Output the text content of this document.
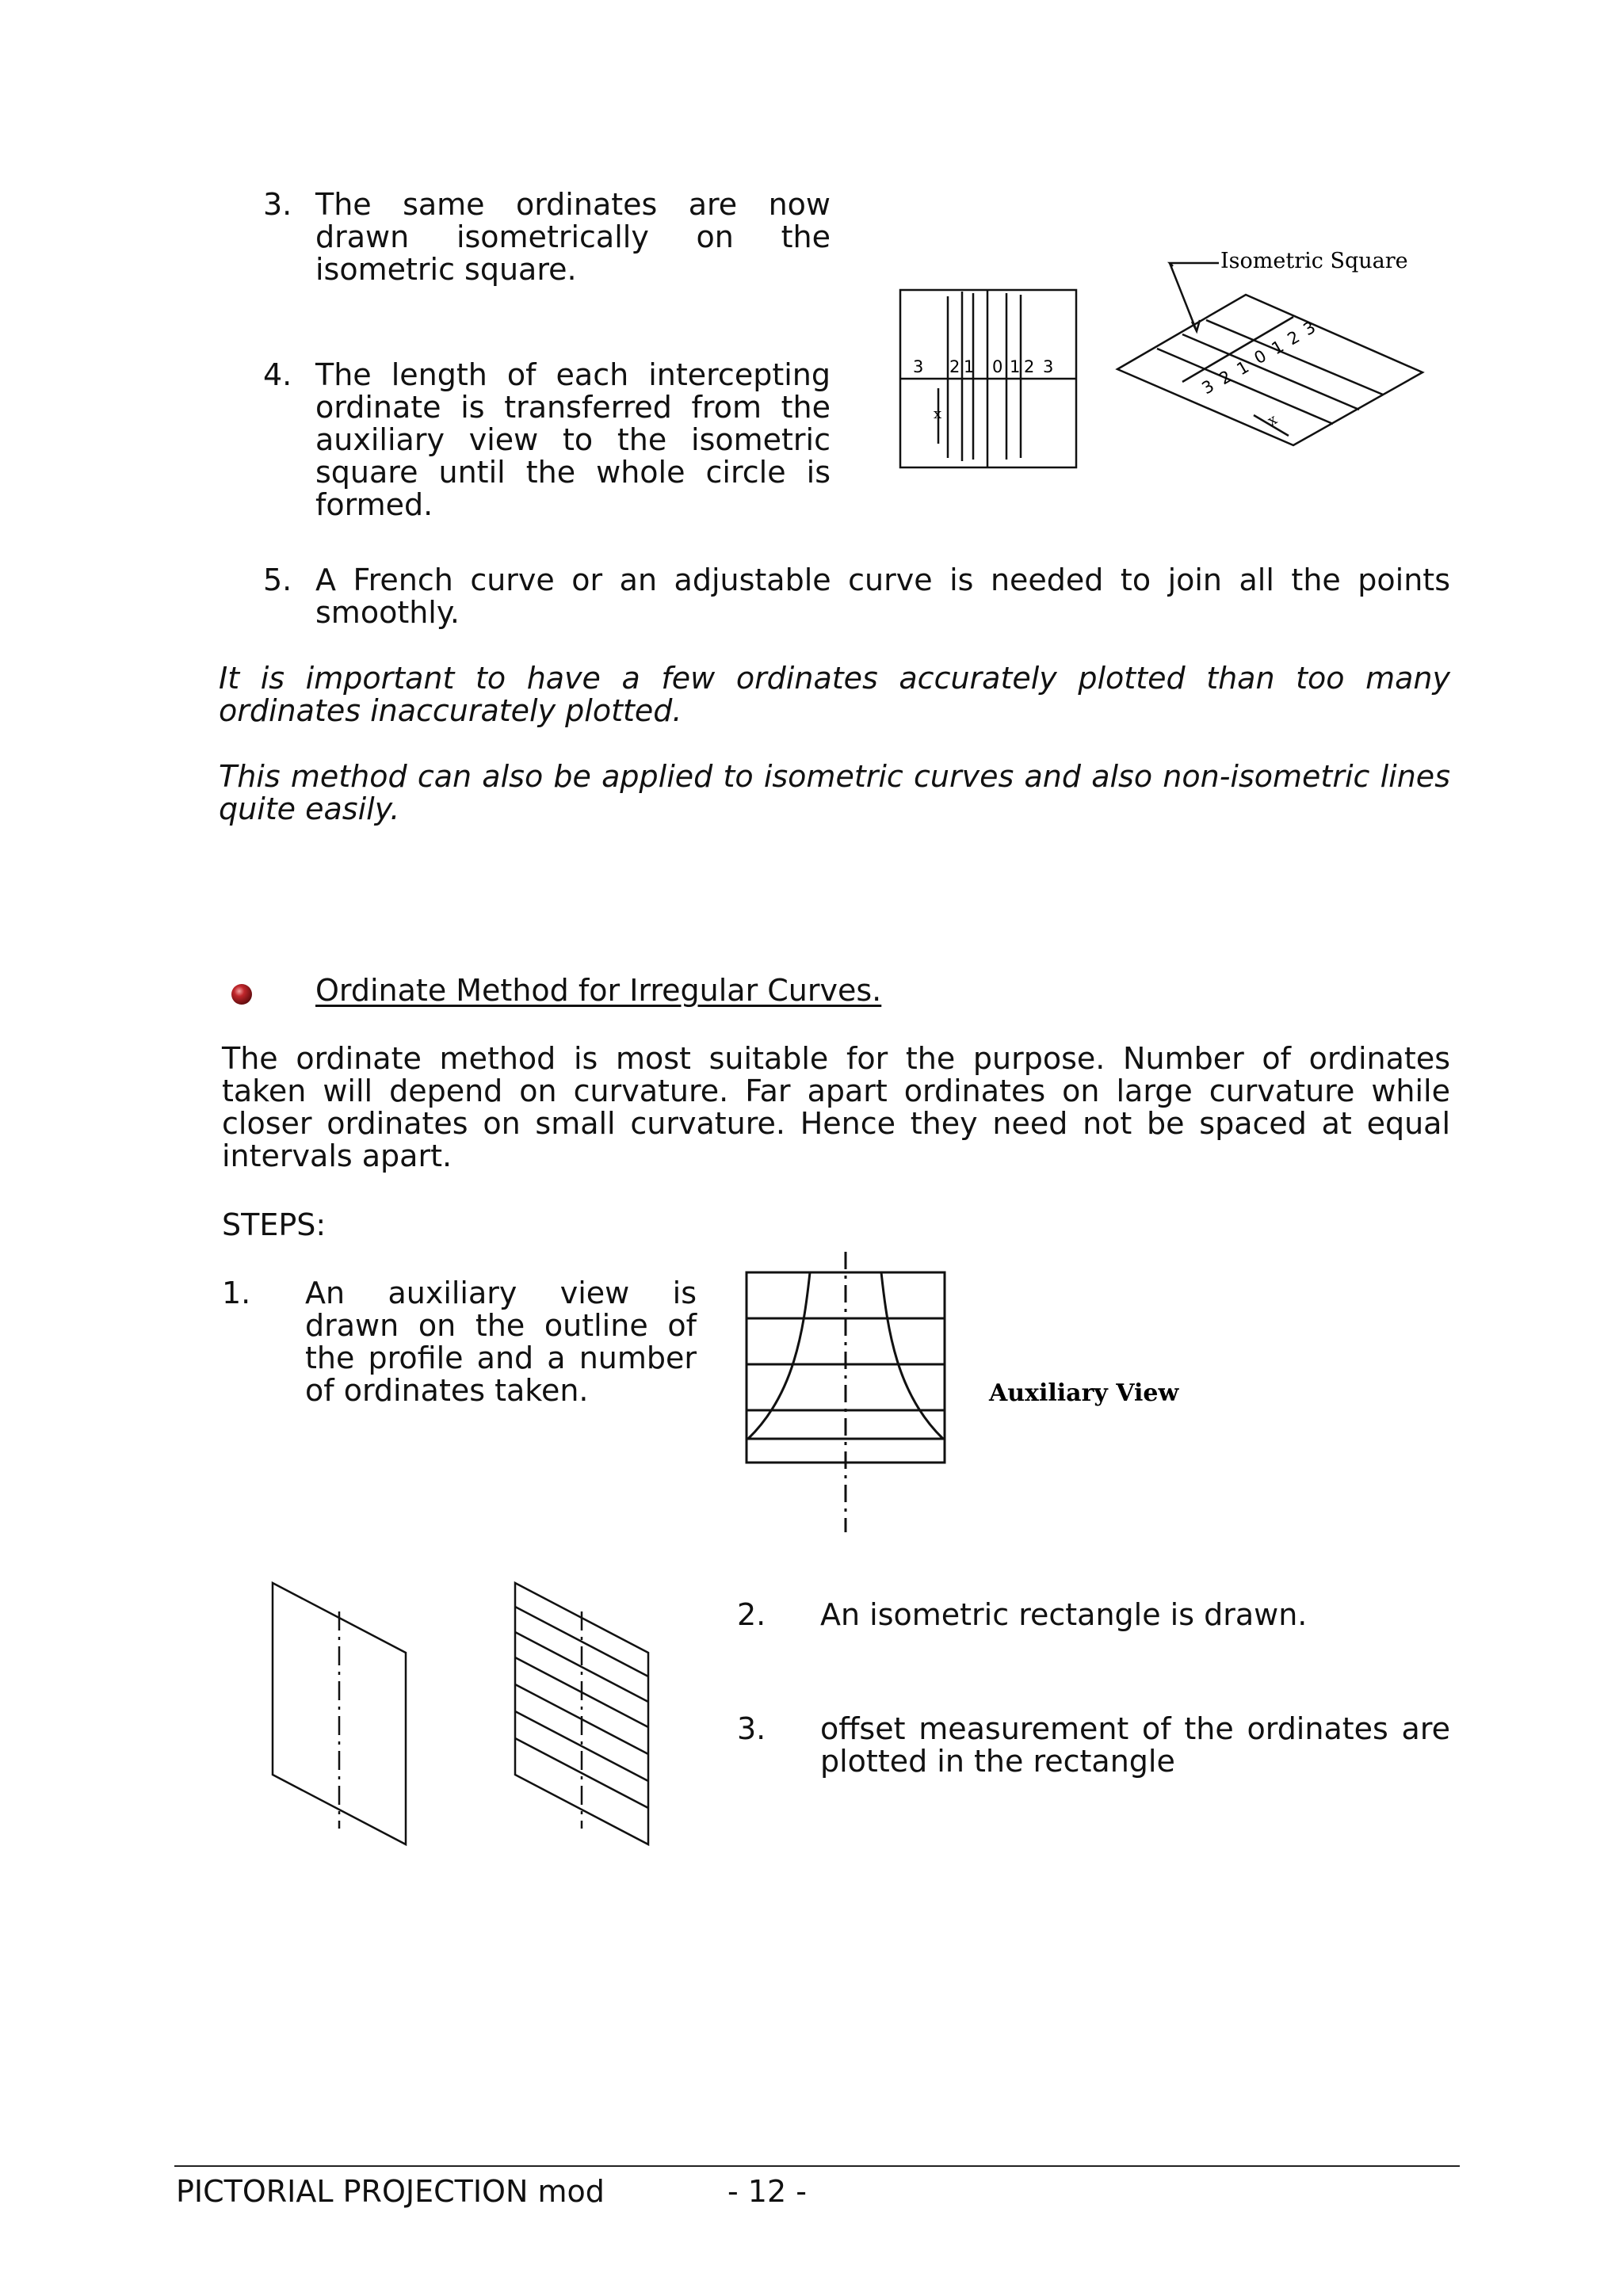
3. The same ordinates are now drawn isometrically on the isometric square.
4. The length of each intercepting ordinate is transferred from the auxiliary view to the isometric square until the whole circle is formed.
3 2 1 0 1 2 3
x
3
2
1
0
1
2
3
x
Isometric Square
5. A French curve or an adjustable curve is needed to join all the points smoothly.
It is important to have a few ordinates accurately plotted than too many ordinates inaccurately plotted.
This method can also be applied to isometric curves and also non-isometric lines quite easily.
Ordinate Method for Irregular Curves.
The ordinate method is most suitable for the purpose. Number of ordinates taken will depend on curvature. Far apart ordinates on large curvature while closer ordinates on small curvature. Hence they need not be spaced at equal intervals apart.
STEPS:
1. An auxiliary view is drawn on the outline of the profile and a number of ordinates taken.	Auxiliary View
2. An isometric rectangle is drawn.
3. offset measurement of the ordinates are plotted in the rectangle
PICTORIAL PROJECTION mod	- 12 -
